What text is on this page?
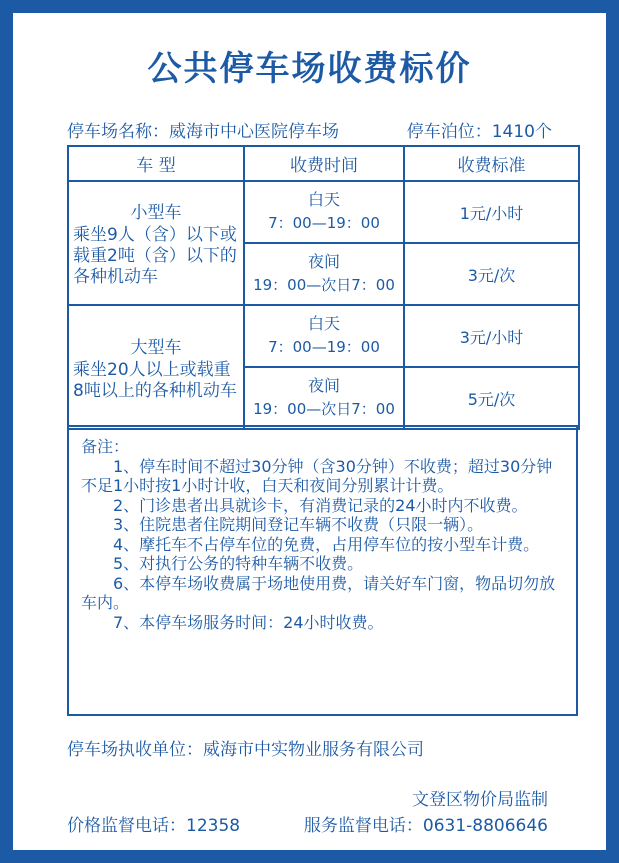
公共停车场收费标价
停车场名称：威海市中心医院停车场	停车泊位：1410个
车 型	收费时间	收费标准

小型车
乘坐9人（含）以下或载重2吨（含）以下的各种机动车	白天
7：00—19：00	1元/小时

	夜间
19：00—次日7：00	3元/次

大型车
乘坐20人以上或载重8吨以上的各种机动车	白天
7：00—19：00	3元/小时

	夜间
19：00—次日7：00	5元/次

备注：

1、停车时间不超过30分钟（含30分钟）不收费；超过30分钟不足1小时按1小时计收，白天和夜间分别累计计费。

2、门诊患者出具就诊卡，有消费记录的24小时内不收费。

3、住院患者住院期间登记车辆不收费（只限一辆）。

4、摩托车不占停车位的免费，占用停车位的按小型车计费。

5、对执行公务的特种车辆不收费。

6、本停车场收费属于场地使用费，请关好车门窗，物品切勿放车内。

7、本停车场服务时间：24小时收费。

停车场执收单位：威海市中实物业服务有限公司
文登区物价局监制
价格监督电话：12358	服务监督电话：0631-8806646
